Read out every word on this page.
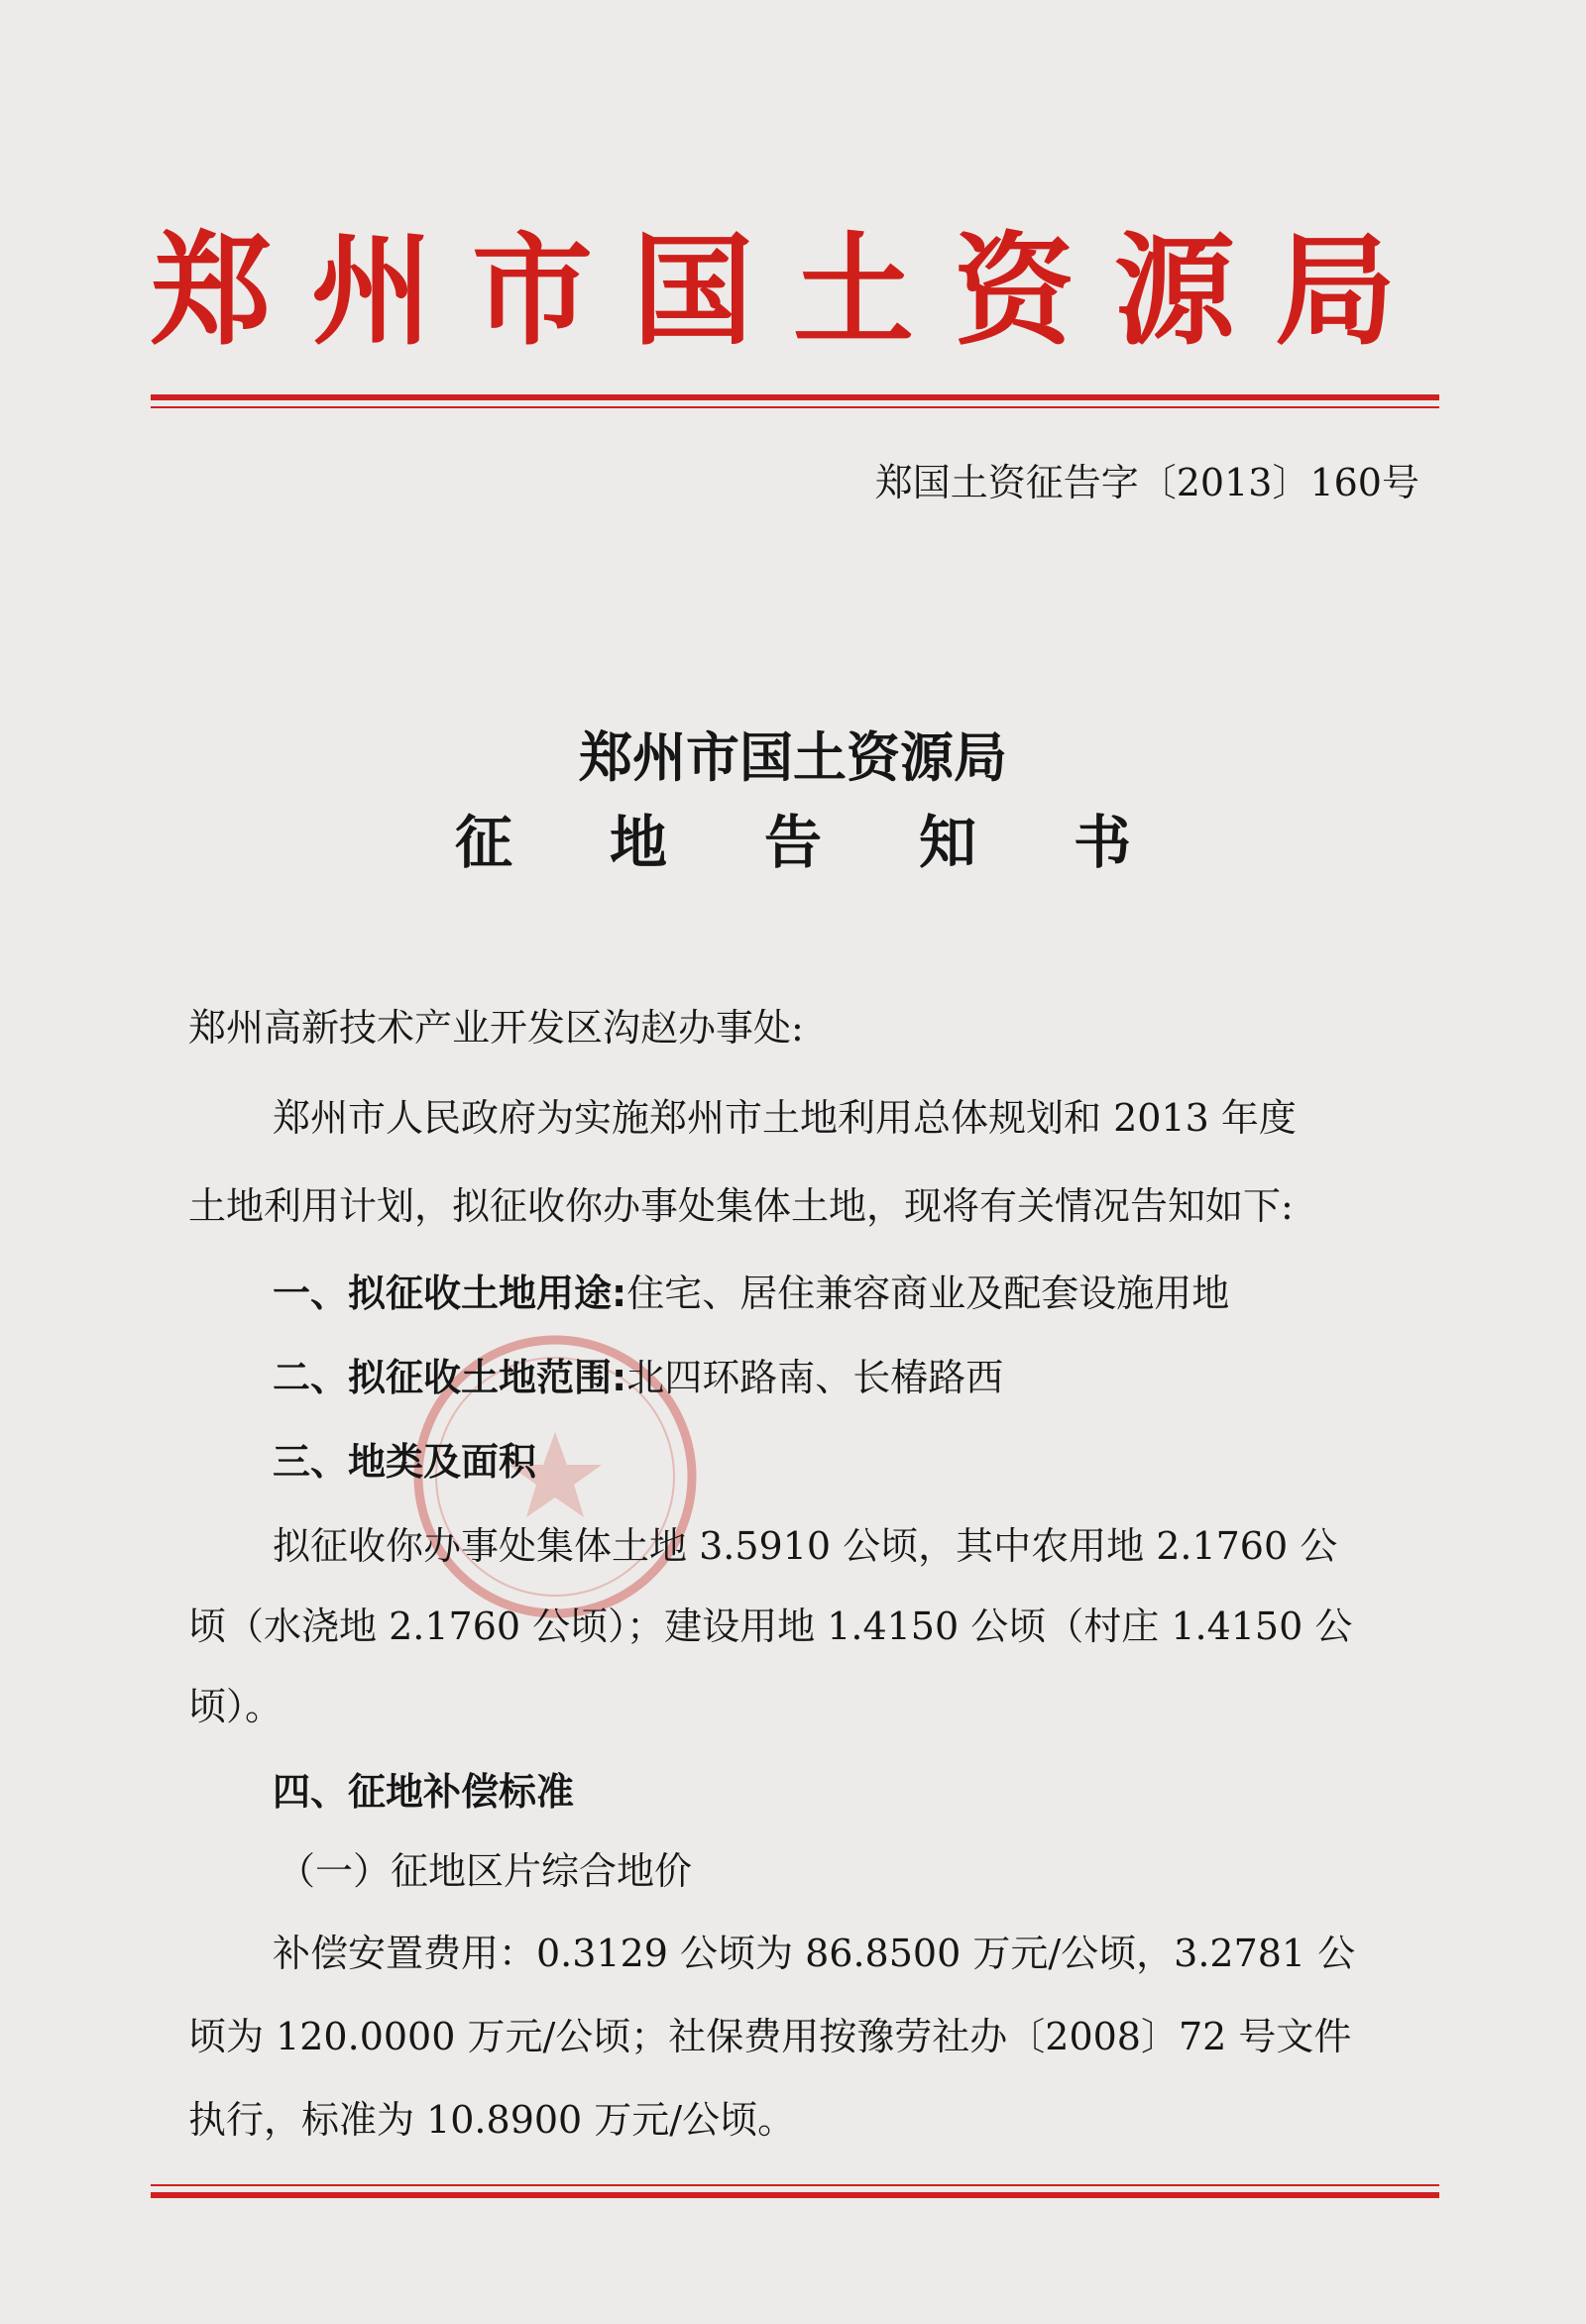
郑州市国土资源局
郑国土资征告字〔2013〕160号
郑州市国土资源局
征地告知书
郑州高新技术产业开发区沟赵办事处:
郑州市人民政府为实施郑州市土地利用总体规划和 2013 年度
土地利用计划，拟征收你办事处集体土地，现将有关情况告知如下:
一、拟征收土地用途:住宅、居住兼容商业及配套设施用地
二、拟征收土地范围:北四环路南、长椿路西
三、地类及面积
拟征收你办事处集体土地 3.5910 公顷，其中农用地 2.1760 公
顷（水浇地 2.1760 公顷）；建设用地 1.4150 公顷（村庄 1.4150 公
顷）。
四、征地补偿标准
（一）征地区片综合地价
补偿安置费用：0.3129 公顷为 86.8500 万元/公顷，3.2781 公
顷为 120.0000 万元/公顷；社保费用按豫劳社办〔2008〕72 号文件
执行，标准为 10.8900 万元/公顷。
